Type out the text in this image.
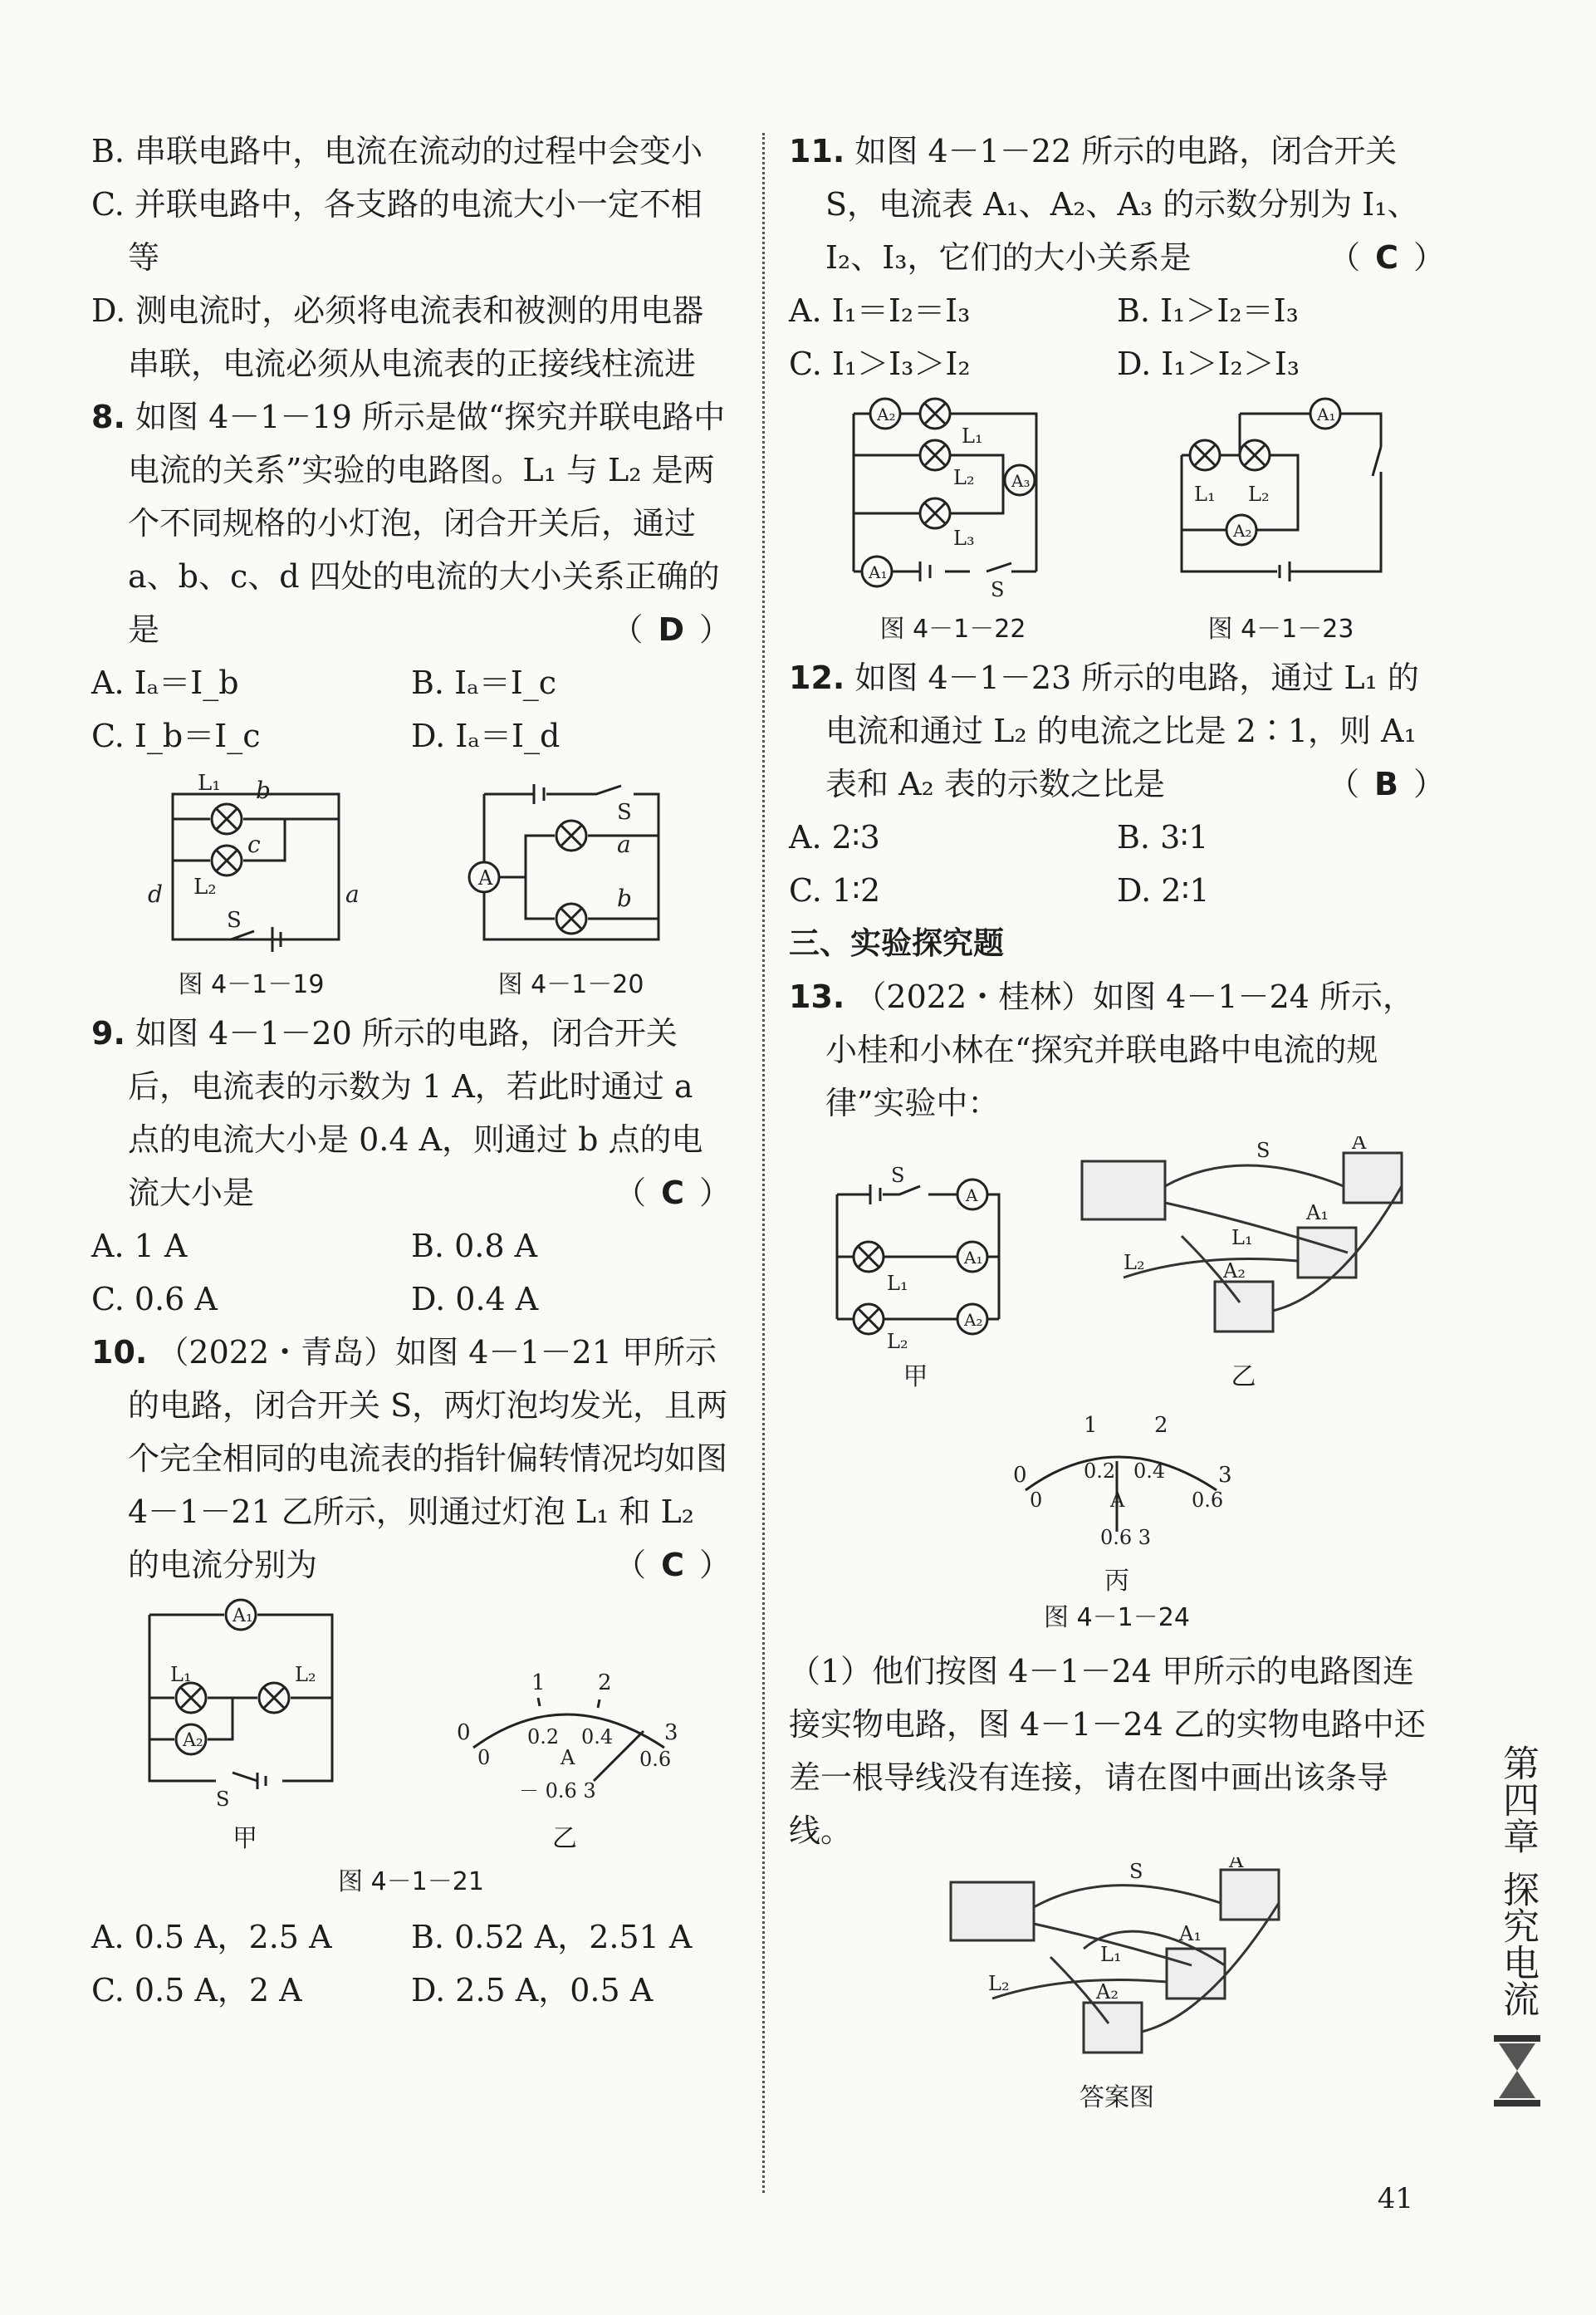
B. 串联电路中，电流在流动的过程中会变小

C. 并联电路中，各支路的电流大小一定不相等

D. 测电流时，必须将电流表和被测的用电器串联，电流必须从电流表的正接线柱流进

8. 如图 4－1－19 所示是做“探究并联电路中电流的关系”实验的电路图。L₁ 与 L₂ 是两个不同规格的小灯泡，闭合开关后，通过 a、b、c、d 四处的电流的大小关系正确的是	（ D ）

A. Iₐ＝I_b	B. Iₐ＝I_c
C. I_b＝I_c	D. Iₐ＝I_d
L₁ b
c
L₂
d	a
S
图 4－1－19
A
S
a
b
图 4－1－20

9. 如图 4－1－20 所示的电路，闭合开关后，电流表的示数为 1 A，若此时通过 a 点的电流大小是 0.4 A，则通过 b 点的电流大小是	（ C ）

A. 1 A	B. 0.8 A
C. 0.6 A	D. 0.4 A

10. （2022・青岛）如图 4－1－21 甲所示的电路，闭合开关 S，两灯泡均发光，且两个完全相同的电流表的指针偏转情况均如图 4－1－21 乙所示，则通过灯泡 L₁ 和 L₂ 的电流分别为	（ C ）

A₁
A₂
L₁	L₂
S
甲
0
1 2
3
0
0.2 0.4
0.6
A
－ 0.6 3
乙
图 4－1－21
A. 0.5 A，2.5 A	B. 0.52 A，2.51 A
C. 0.5 A，2 A	D. 2.5 A，0.5 A

11. 如图 4－1－22 所示的电路，闭合开关 S，电流表 A₁、A₂、A₃ 的示数分别为 I₁、I₂、I₃，它们的大小关系是	（ C ）

A. I₁＝I₂＝I₃	B. I₁＞I₂＝I₃
C. I₁＞I₃＞I₂	D. I₁＞I₂＞I₃
A₂
A₃
A₁
L₁
L₂
L₃
S
图 4－1－22
A₁
A₂
L₁ L₂
图 4－1－23

12. 如图 4－1－23 所示的电路，通过 L₁ 的电流和通过 L₂ 的电流之比是 2∶1，则 A₁ 表和 A₂ 表的示数之比是	（ B ）

A. 2∶3	B. 3∶1
C. 1∶2	D. 2∶1
三、实验探究题

13. （2022・桂林）如图 4－1－24 所示，小桂和小林在“探究并联电路中电流的规律”实验中：

A
A₁
A₂
S
L₁
L₂
甲
S	A
L₁
A₁
L₂	A₂
乙
0
1	2
3
0
0.2 0.4
0.6
A
0.6 3
丙
图 4－1－24

（1）他们按图 4－1－24 甲所示的电路图连接实物电路，图 4－1－24 乙的实物电路中还差一根导线没有连接，请在图中画出该条导线。

S	A
L₁
A₁
L₂	A₂
答案图
第四章
探究电流
41
